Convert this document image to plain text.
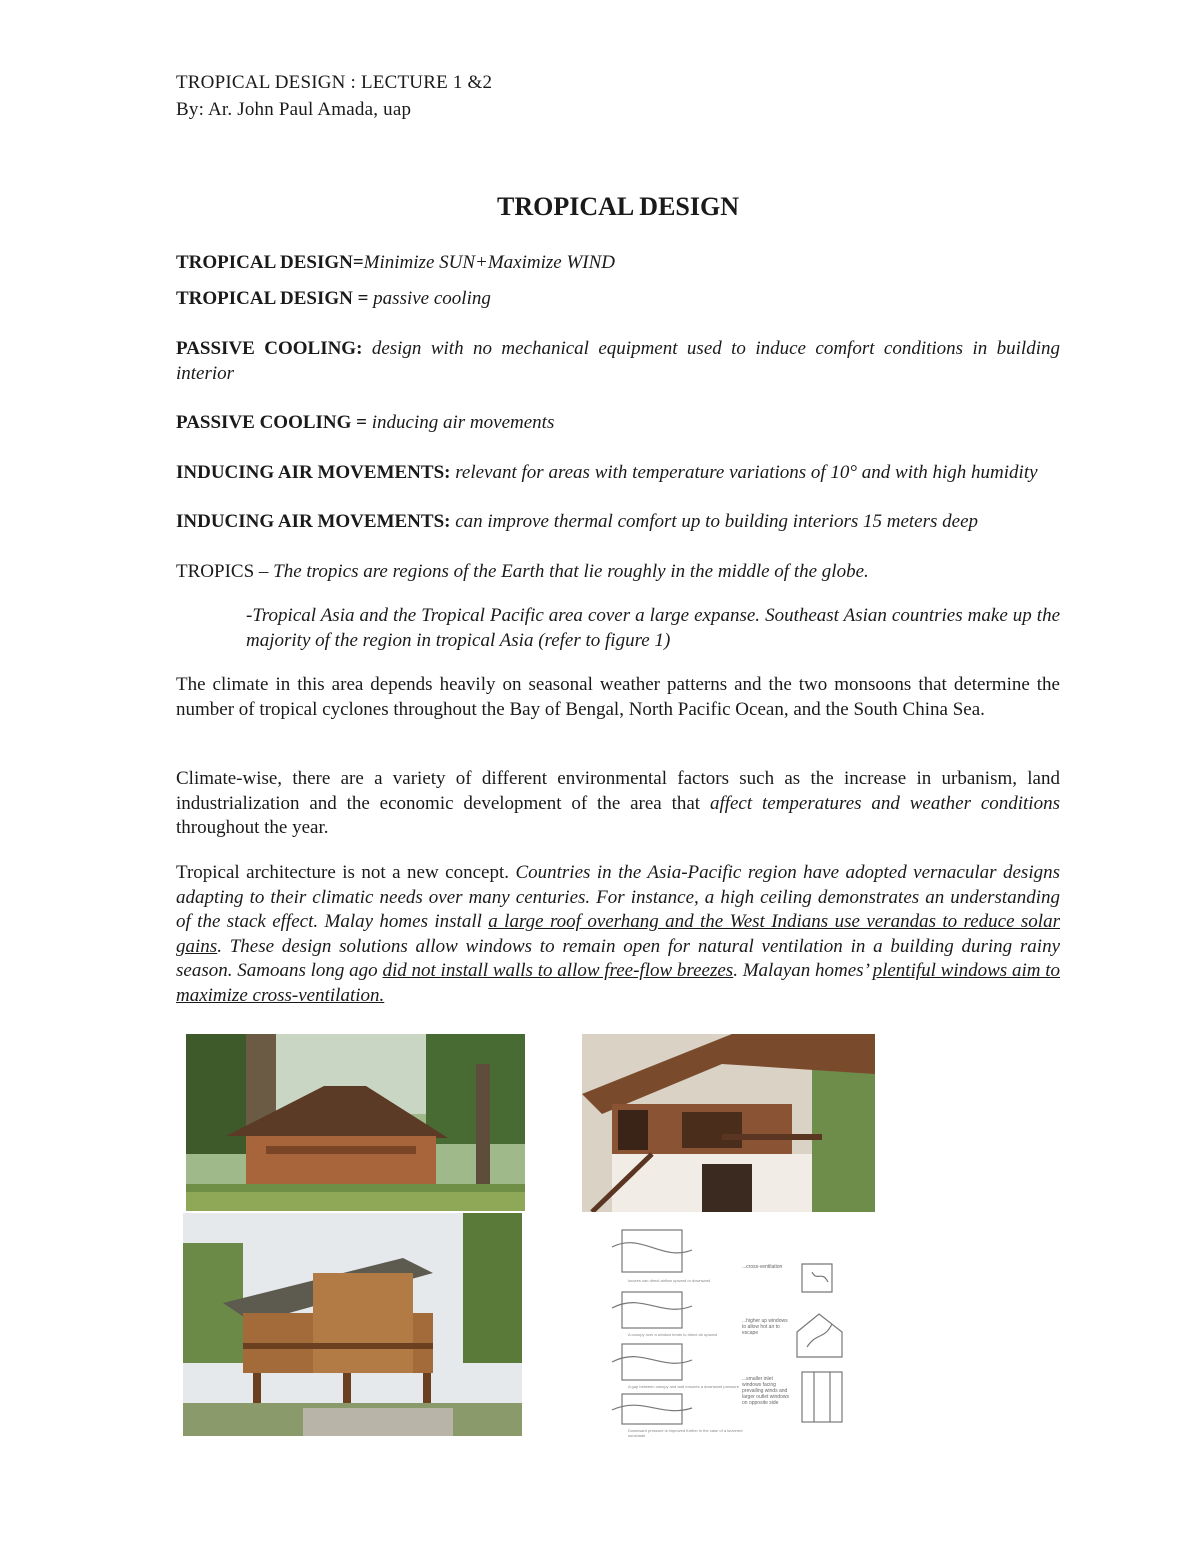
TROPICAL DESIGN : LECTURE 1 &2
By: Ar. John Paul Amada, uap
TROPICAL DESIGN
TROPICAL DESIGN=Minimize SUN+Maximize WIND
TROPICAL DESIGN = passive cooling
PASSIVE COOLING: design with no mechanical equipment used to induce comfort conditions in building interior
PASSIVE COOLING = inducing air movements
INDUCING AIR MOVEMENTS: relevant for areas with temperature variations of 10° and with high humidity
INDUCING AIR MOVEMENTS: can improve thermal comfort up to building interiors 15 meters deep
TROPICS – The tropics are regions of the Earth that lie roughly in the middle of the globe.
-Tropical Asia and the Tropical Pacific area cover a large expanse. Southeast Asian countries make up the majority of the region in tropical Asia (refer to figure 1)
The climate in this area depends heavily on seasonal weather patterns and the two monsoons that determine the number of tropical cyclones throughout the Bay of Bengal, North Pacific Ocean, and the South China Sea.
Climate-wise, there are a variety of different environmental factors such as the increase in urbanism, land industrialization and the economic development of the area that affect temperatures and weather conditions throughout the year.
Tropical architecture is not a new concept. Countries in the Asia-Pacific region have adopted vernacular designs adapting to their climatic needs over many centuries. For instance, a high ceiling demonstrates an understanding of the stack effect. Malay homes install a large roof overhang and the West Indians use verandas to reduce solar gains. These design solutions allow windows to remain open for natural ventilation in a building during rainy season. Samoans long ago did not install walls to allow free-flow breezes. Malayan homes’ plentiful windows aim to maximize cross-ventilation.
louvres can direct airflow upward or downward
A canopy over a window tends to direct air upward
A gap between canopy and wall ensures a downward pressure
Downward pressure is improved further in the case of a louvered sunshade
...cross-ventilation
...higher up windows to allow hot air to escape
...smaller inlet windows facing prevailing winds and larger outlet windows on opposite side
